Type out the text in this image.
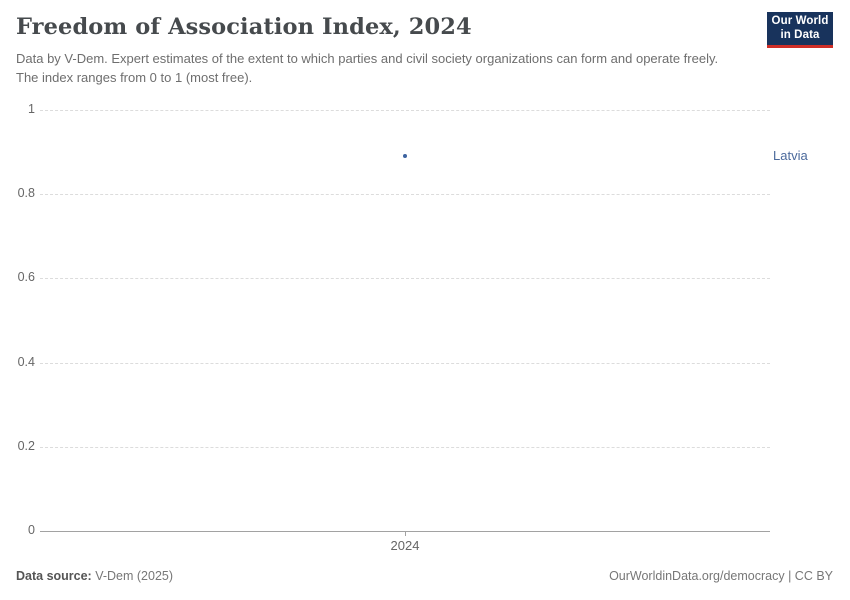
Freedom of Association Index, 2024

Data by V-Dem. Expert estimates of the extent to which parties and civil society organizations can form and operate freely. The index ranges from 0 to 1 (most free).

Our World
in Data
0
0.2
0.4
0.6
0.8
1
2024
Latvia
Data source: V-Dem (2025)	OurWorldinData.org/democracy | CC BY
